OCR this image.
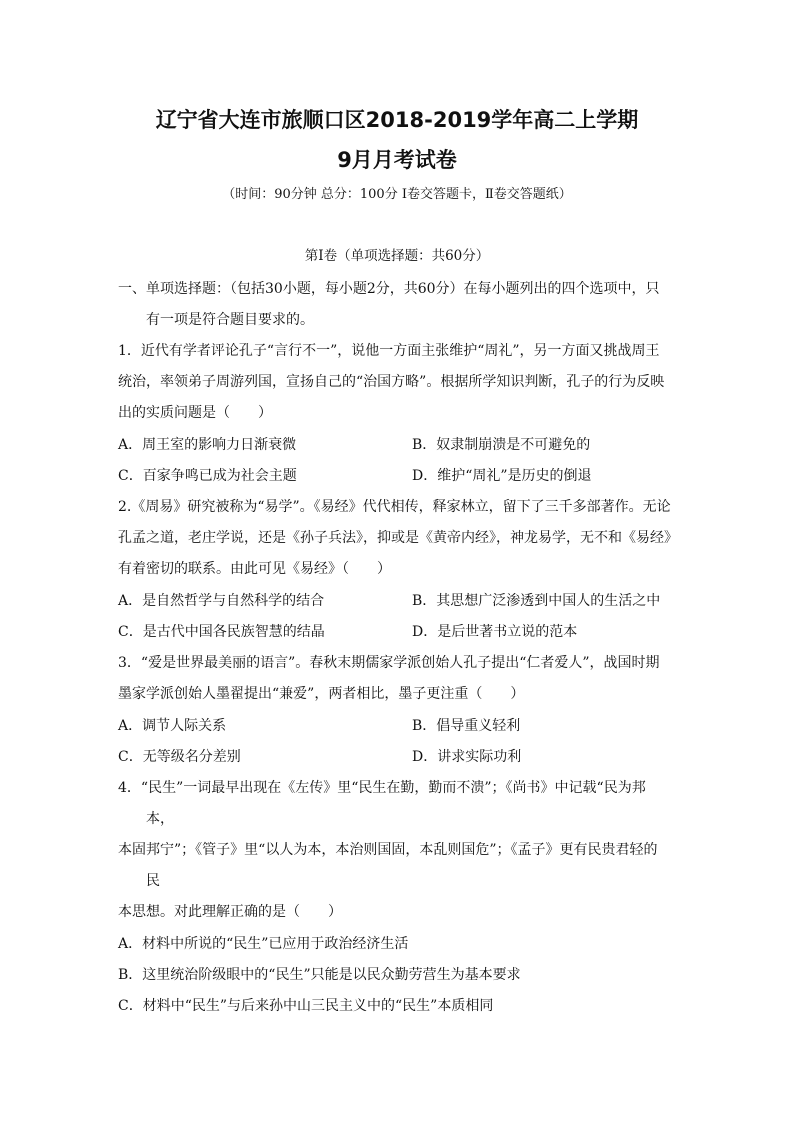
辽宁省大连市旅顺口区2018-2019学年高二上学期
9月月考试卷
（时间：90分钟 总分：100分 Ⅰ卷交答题卡，Ⅱ卷交答题纸）
第Ⅰ卷（单项选择题：共60分）
一、单项选择题：（包括30小题，每小题2分，共60分）在每小题列出的四个选项中，只
有一项是符合题目要求的。
1．近代有学者评论孔子“言行不一”，说他一方面主张维护“周礼”，另一方面又挑战周王
统治，率领弟子周游列国，宣扬自己的“治国方略”。根据所学知识判断，孔子的行为反映
出的实质问题是（　　）
A．周王室的影响力日渐衰微	B．奴隶制崩溃是不可避免的
C．百家争鸣已成为社会主题	D．维护“周礼”是历史的倒退
2.《周易》研究被称为“易学”。《易经》代代相传，释家林立，留下了三千多部著作。无论
孔孟之道，老庄学说，还是《孙子兵法》，抑或是《黄帝内经》，神龙易学，无不和《易经》
有着密切的联系。由此可见《易经》（　　）
A．是自然哲学与自然科学的结合	B．其思想广泛渗透到中国人的生活之中
C．是古代中国各民族智慧的结晶	D．是后世著书立说的范本
3．“爱是世界最美丽的语言”。春秋末期儒家学派创始人孔子提出“仁者爱人”，战国时期
墨家学派创始人墨翟提出“兼爱”，两者相比，墨子更注重（　　）
A．调节人际关系	B．倡导重义轻利
C．无等级名分差别	D．讲求实际功利
4．“民生”一词最早出现在《左传》里“民生在勤，勤而不溃”；《尚书》中记载“民为邦
本，
本固邦宁”；《管子》里“以人为本，本治则国固，本乱则国危”；《孟子》更有民贵君轻的
民
本思想。对此理解正确的是（　　）
A．材料中所说的“民生”已应用于政治经济生活
B．这里统治阶级眼中的“民生”只能是以民众勤劳营生为基本要求
C．材料中“民生”与后来孙中山三民主义中的“民生”本质相同
